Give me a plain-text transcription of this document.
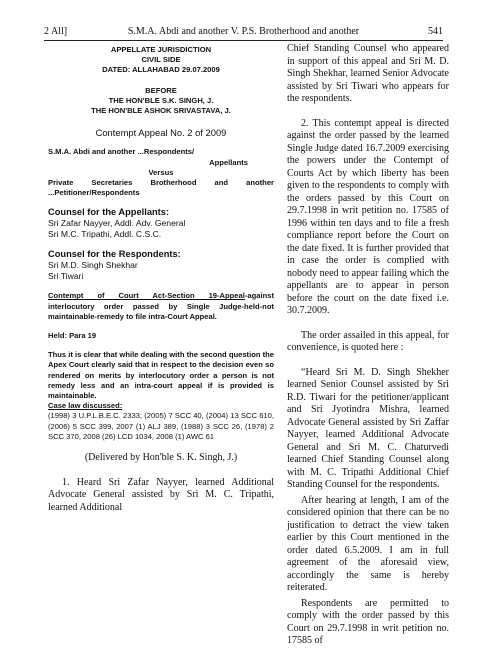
2 All]	S.M.A. Abdi and another V. P.S. Brotherhood and another	541
APPELLATE JURISDICTION
CIVIL SIDE
DATED: ALLAHABAD 29.07.2009
BEFORE
THE HON'BLE S.K. SINGH, J.
THE HON'BLE ASHOK SRIVASTAVA, J.
Contempt Appeal No. 2 of 2009
S.M.A. Abdi and another ...Respondents/
Appellants
Versus
Private Secretaries Brotherhood and another ...Petitioner/Respondents
Counsel for the Appellants:
Sri Zafar Nayyer, Addl. Adv. General
Sri M.C. Tripathi, Addl. C.S.C.
Counsel for the Respondents:
Sri M.D. Singh Shekhar
Sri Tiwari

Contempt of Court Act-Section 19-Appeal-against interlocutory order passed by Single Judge-held-not maintainable-remedy to file intra-Court Appeal.

Held: Para 19

Thus it is clear that while dealing with the second question the Apex Court clearly said that in respect to the decision even so rendered on merits by interlocutory order a person is not remedy less and an intra-court appeal if is provided is maintainable.

Case law discussed:

(1998) 3 U.P.L.B.E.C. 2333; (2005) 7 SCC 40, (2004) 13 SCC 610, (2006) 5 SCC 399, 2007 (1) ALJ 389, (1988) 3 SCC 26, (1978) 2 SCC 370, 2008 (26) LCD 1034, 2008 (1) AWC 61

(Delivered by Hon'ble S. K. Singh, J.)

1. Heard Sri Zafar Nayyer, learned Additional Advocate General assisted by Sri M. C. Tripathi, learned Additional

Chief Standing Counsel who appeared in support of this appeal and Sri M. D. Singh Shekhar, learned Senior Advocate assisted by Sri Tiwari who appears for the respondents.

2. This contempt appeal is directed against the order passed by the learned Single Judge dated 16.7.2009 exercising the powers under the Contempt of Courts Act by which liberty has been given to the respondents to comply with the orders passed by this Court on 29.7.1998 in writ petition no. 17585 of 1996 within ten days and to file a fresh compliance report before the Court on the date fixed. It is further provided that in case the order is complied with nobody need to appear failing which the appellants are to appear in person before the court on the date fixed i.e. 30.7.2009.

The order assailed in this appeal, for convenience, is quoted here :

“Heard Sri M. D. Singh Shekher learned Senior Counsel assisted by Sri R.D. Tiwari for the petitioner/applicant and Sri Jyotindra Mishra, learned Advocate General assisted by Sri Zaffar Nayyer, learned Additional Advocate General and Sri M. C. Chaturvedi learned Chief Standing Counsel along with M. C. Tripathi Additional Chief Standing Counsel for the respondents.

After hearing at length, I am of the considered opinion that there can be no justification to detract the view taken earlier by this Court mentioned in the order dated 6.5.2009. I am in full agreement of the aforesaid view, accordingly the same is hereby reiterated.

Respondents are permitted to comply with the order passed by this Court on 29.7.1998 in writ petition no. 17585 of
